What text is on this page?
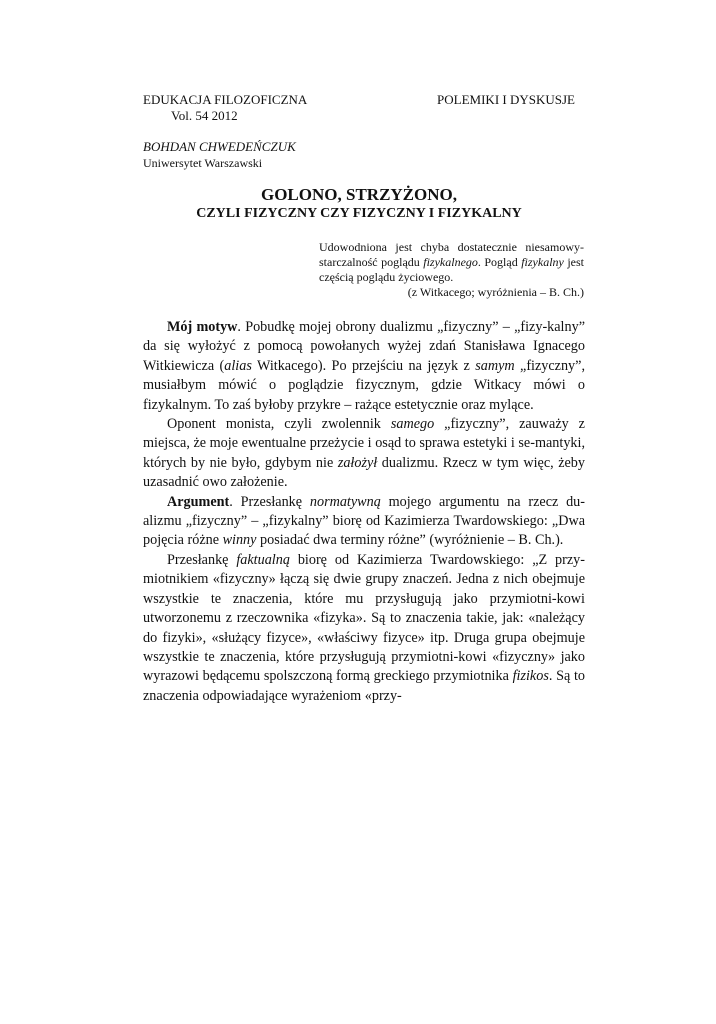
EDUKACJA FILOZOFICZNA	POLEMIKI I DYSKUSJE
Vol. 54 2012
BOHDAN CHWEDEŃCZUK
Uniwersytet Warszawski
GOLONO, STRZYŻONO,
CZYLI FIZYCZNY CZY FIZYCZNY I FIZYKALNY
Udowodniona jest chyba dostatecznie niesamowy-starczalność poglądu fizykalnego. Pogląd fizykalny jest częścią poglądu życiowego.
(z Witkacego; wyróżnienia – B. Ch.)

Mój motyw. Pobudkę mojej obrony dualizmu „fizyczny” – „fizy-kalny” da się wyłożyć z pomocą powołanych wyżej zdań Stanisława Ignacego Witkiewicza (alias Witkacego). Po przejściu na język z samym „fizyczny”, musiałbym mówić o poglądzie fizycznym, gdzie Witkacy mówi o fizykalnym. To zaś byłoby przykre – rażące estetycznie oraz mylące.

Oponent monista, czyli zwolennik samego „fizyczny”, zauważy z miejsca, że moje ewentualne przeżycie i osąd to sprawa estetyki i se-mantyki, których by nie było, gdybym nie założył dualizmu. Rzecz w tym więc, żeby uzasadnić owo założenie.

Argument. Przesłankę normatywną mojego argumentu na rzecz du-alizmu „fizyczny” – „fizykalny” biorę od Kazimierza Twardowskiego: „Dwa pojęcia różne winny posiadać dwa terminy różne” (wyróżnienie – B. Ch.).

Przesłankę faktualną biorę od Kazimierza Twardowskiego: „Z przy-miotnikiem «fizyczny» łączą się dwie grupy znaczeń. Jedna z nich obejmuje wszystkie te znaczenia, które mu przysługują jako przymiotni-kowi utworzonemu z rzeczownika «fizyka». Są to znaczenia takie, jak: «należący do fizyki», «służący fizyce», «właściwy fizyce» itp. Druga grupa obejmuje wszystkie te znaczenia, które przysługują przymiotni-kowi «fizyczny» jako wyrazowi będącemu spolszczoną formą greckiego przymiotnika fizikos. Są to znaczenia odpowiadające wyrażeniom «przy-
